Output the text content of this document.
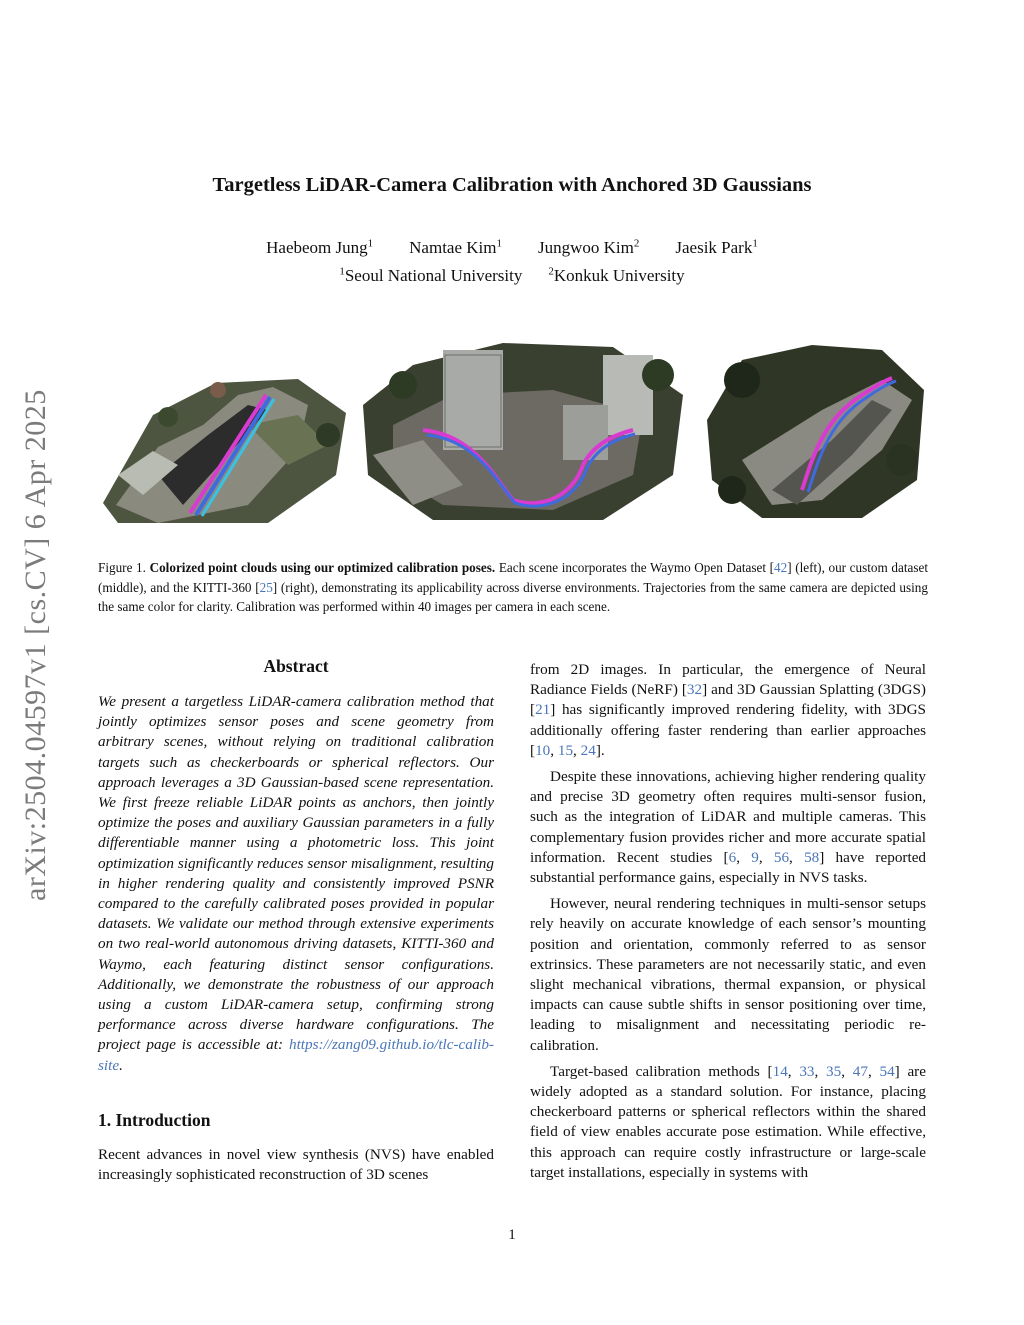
arXiv:2504.04597v1 [cs.CV] 6 Apr 2025
Targetless LiDAR-Camera Calibration with Anchored 3D Gaussians
Haebeom Jung$^1$ Namtae Kim$^1$ Jungwoo Kim$^2$ Jaesik Park$^1$
$^1$Seoul National University $^2$Konkuk University
Figure 1. Colorized point clouds using our optimized calibration poses. Each scene incorporates the Waymo Open Dataset [42] (left), our custom dataset (middle), and the KITTI-360 [25] (right), demonstrating its applicability across diverse environments. Trajectories from the same camera are depicted using the same color for clarity. Calibration was performed within 40 images per camera in each scene.
Abstract

We present a targetless LiDAR-camera calibration method that jointly optimizes sensor poses and scene geometry from arbitrary scenes, without relying on traditional calibration targets such as checkerboards or spherical reflectors. Our approach leverages a 3D Gaussian-based scene representation. We first freeze reliable LiDAR points as anchors, then jointly optimize the poses and auxiliary Gaussian parameters in a fully differentiable manner using a photometric loss. This joint optimization significantly reduces sensor misalignment, resulting in higher rendering quality and consistently improved PSNR compared to the carefully calibrated poses provided in popular datasets. We validate our method through extensive experiments on two real-world autonomous driving datasets, KITTI-360 and Waymo, each featuring distinct sensor configurations. Additionally, we demonstrate the robustness of our approach using a custom LiDAR-camera setup, confirming strong performance across diverse hardware configurations. The project page is accessible at: https://zang09.github.io/tlc-calib-site.

1. Introduction

Recent advances in novel view synthesis (NVS) have enabled increasingly sophisticated reconstruction of 3D scenes

from 2D images. In particular, the emergence of Neural Radiance Fields (NeRF) [32] and 3D Gaussian Splatting (3DGS) [21] has significantly improved rendering fidelity, with 3DGS additionally offering faster rendering than earlier approaches [10, 15, 24].

Despite these innovations, achieving higher rendering quality and precise 3D geometry often requires multi-sensor fusion, such as the integration of LiDAR and multiple cameras. This complementary fusion provides richer and more accurate spatial information. Recent studies [6, 9, 56, 58] have reported substantial performance gains, especially in NVS tasks.

However, neural rendering techniques in multi-sensor setups rely heavily on accurate knowledge of each sensor’s mounting position and orientation, commonly referred to as sensor extrinsics. These parameters are not necessarily static, and even slight mechanical vibrations, thermal expansion, or physical impacts can cause subtle shifts in sensor positioning over time, leading to misalignment and necessitating periodic re-calibration.

Target-based calibration methods [14, 33, 35, 47, 54] are widely adopted as a standard solution. For instance, placing checkerboard patterns or spherical reflectors within the shared field of view enables accurate pose estimation. While effective, this approach can require costly infrastructure or large-scale target installations, especially in systems with

1
